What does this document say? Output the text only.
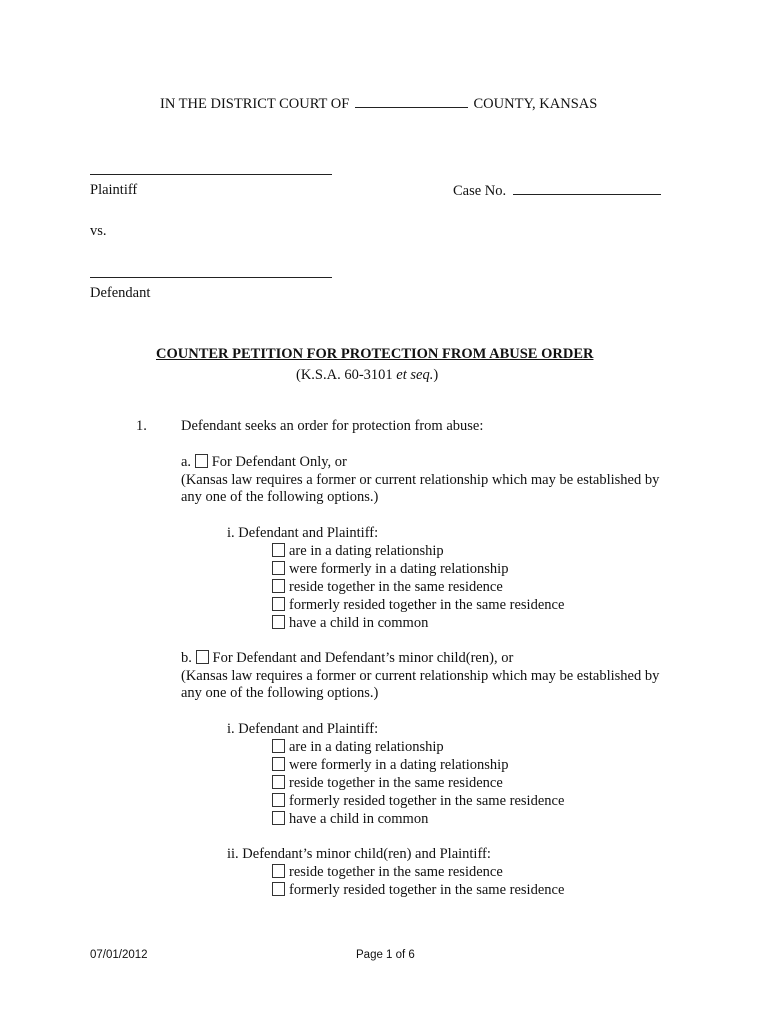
IN THE DISTRICT COURT OF	COUNTY, KANSAS
Plaintiff	Case No.
vs.
Defendant
COUNTER PETITION FOR PROTECTION FROM ABUSE ORDER
(K.S.A. 60-3101 et seq.)
1. Defendant seeks an order for protection from abuse:
a. For Defendant Only, or
(Kansas law requires a former or current relationship which may be established by
any one of the following options.)
i. Defendant and Plaintiff:
are in a dating relationship
were formerly in a dating relationship
reside together in the same residence
formerly resided together in the same residence
have a child in common
b. For Defendant and Defendant’s minor child(ren), or
(Kansas law requires a former or current relationship which may be established by
any one of the following options.)
i. Defendant and Plaintiff:
are in a dating relationship
were formerly in a dating relationship
reside together in the same residence
formerly resided together in the same residence
have a child in common
ii. Defendant’s minor child(ren) and Plaintiff:
reside together in the same residence
formerly resided together in the same residence
07/01/2012	Page 1 of 6
